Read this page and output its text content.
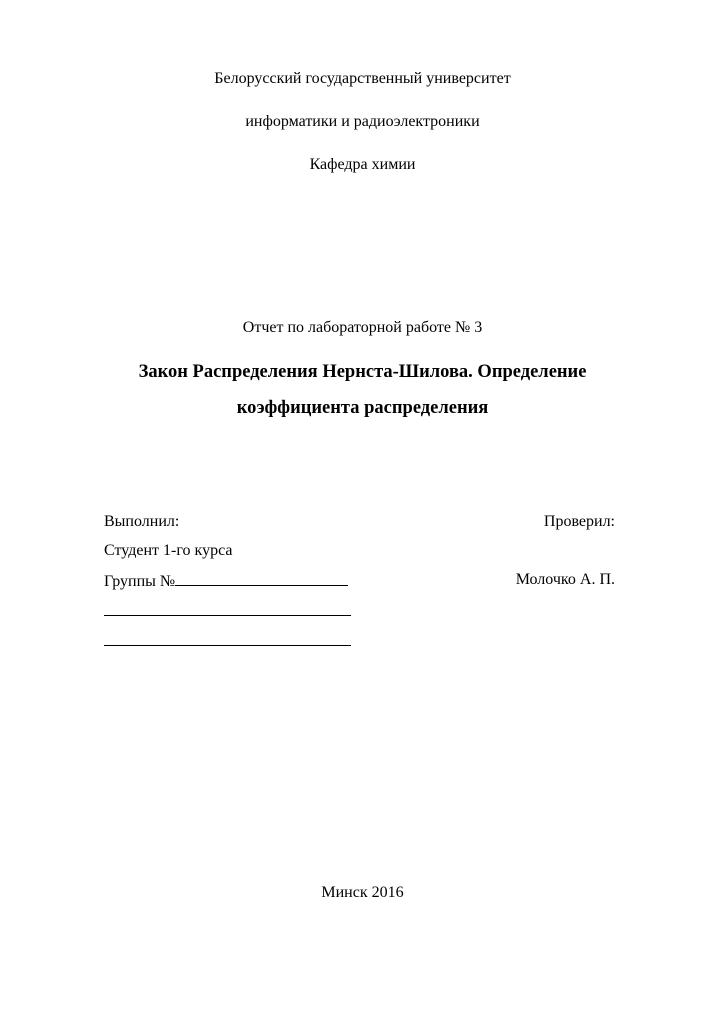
Белорусский государственный университет
информатики и радиоэлектроники
Кафедра химии
Отчет по лабораторной работе № 3
Закон Распределения Нернста-Шилова. Определение
коэффициента распределения
Выполнил:	Проверил:
Студент 1-го курса
Группы №	Молочко А. П.
Минск 2016
